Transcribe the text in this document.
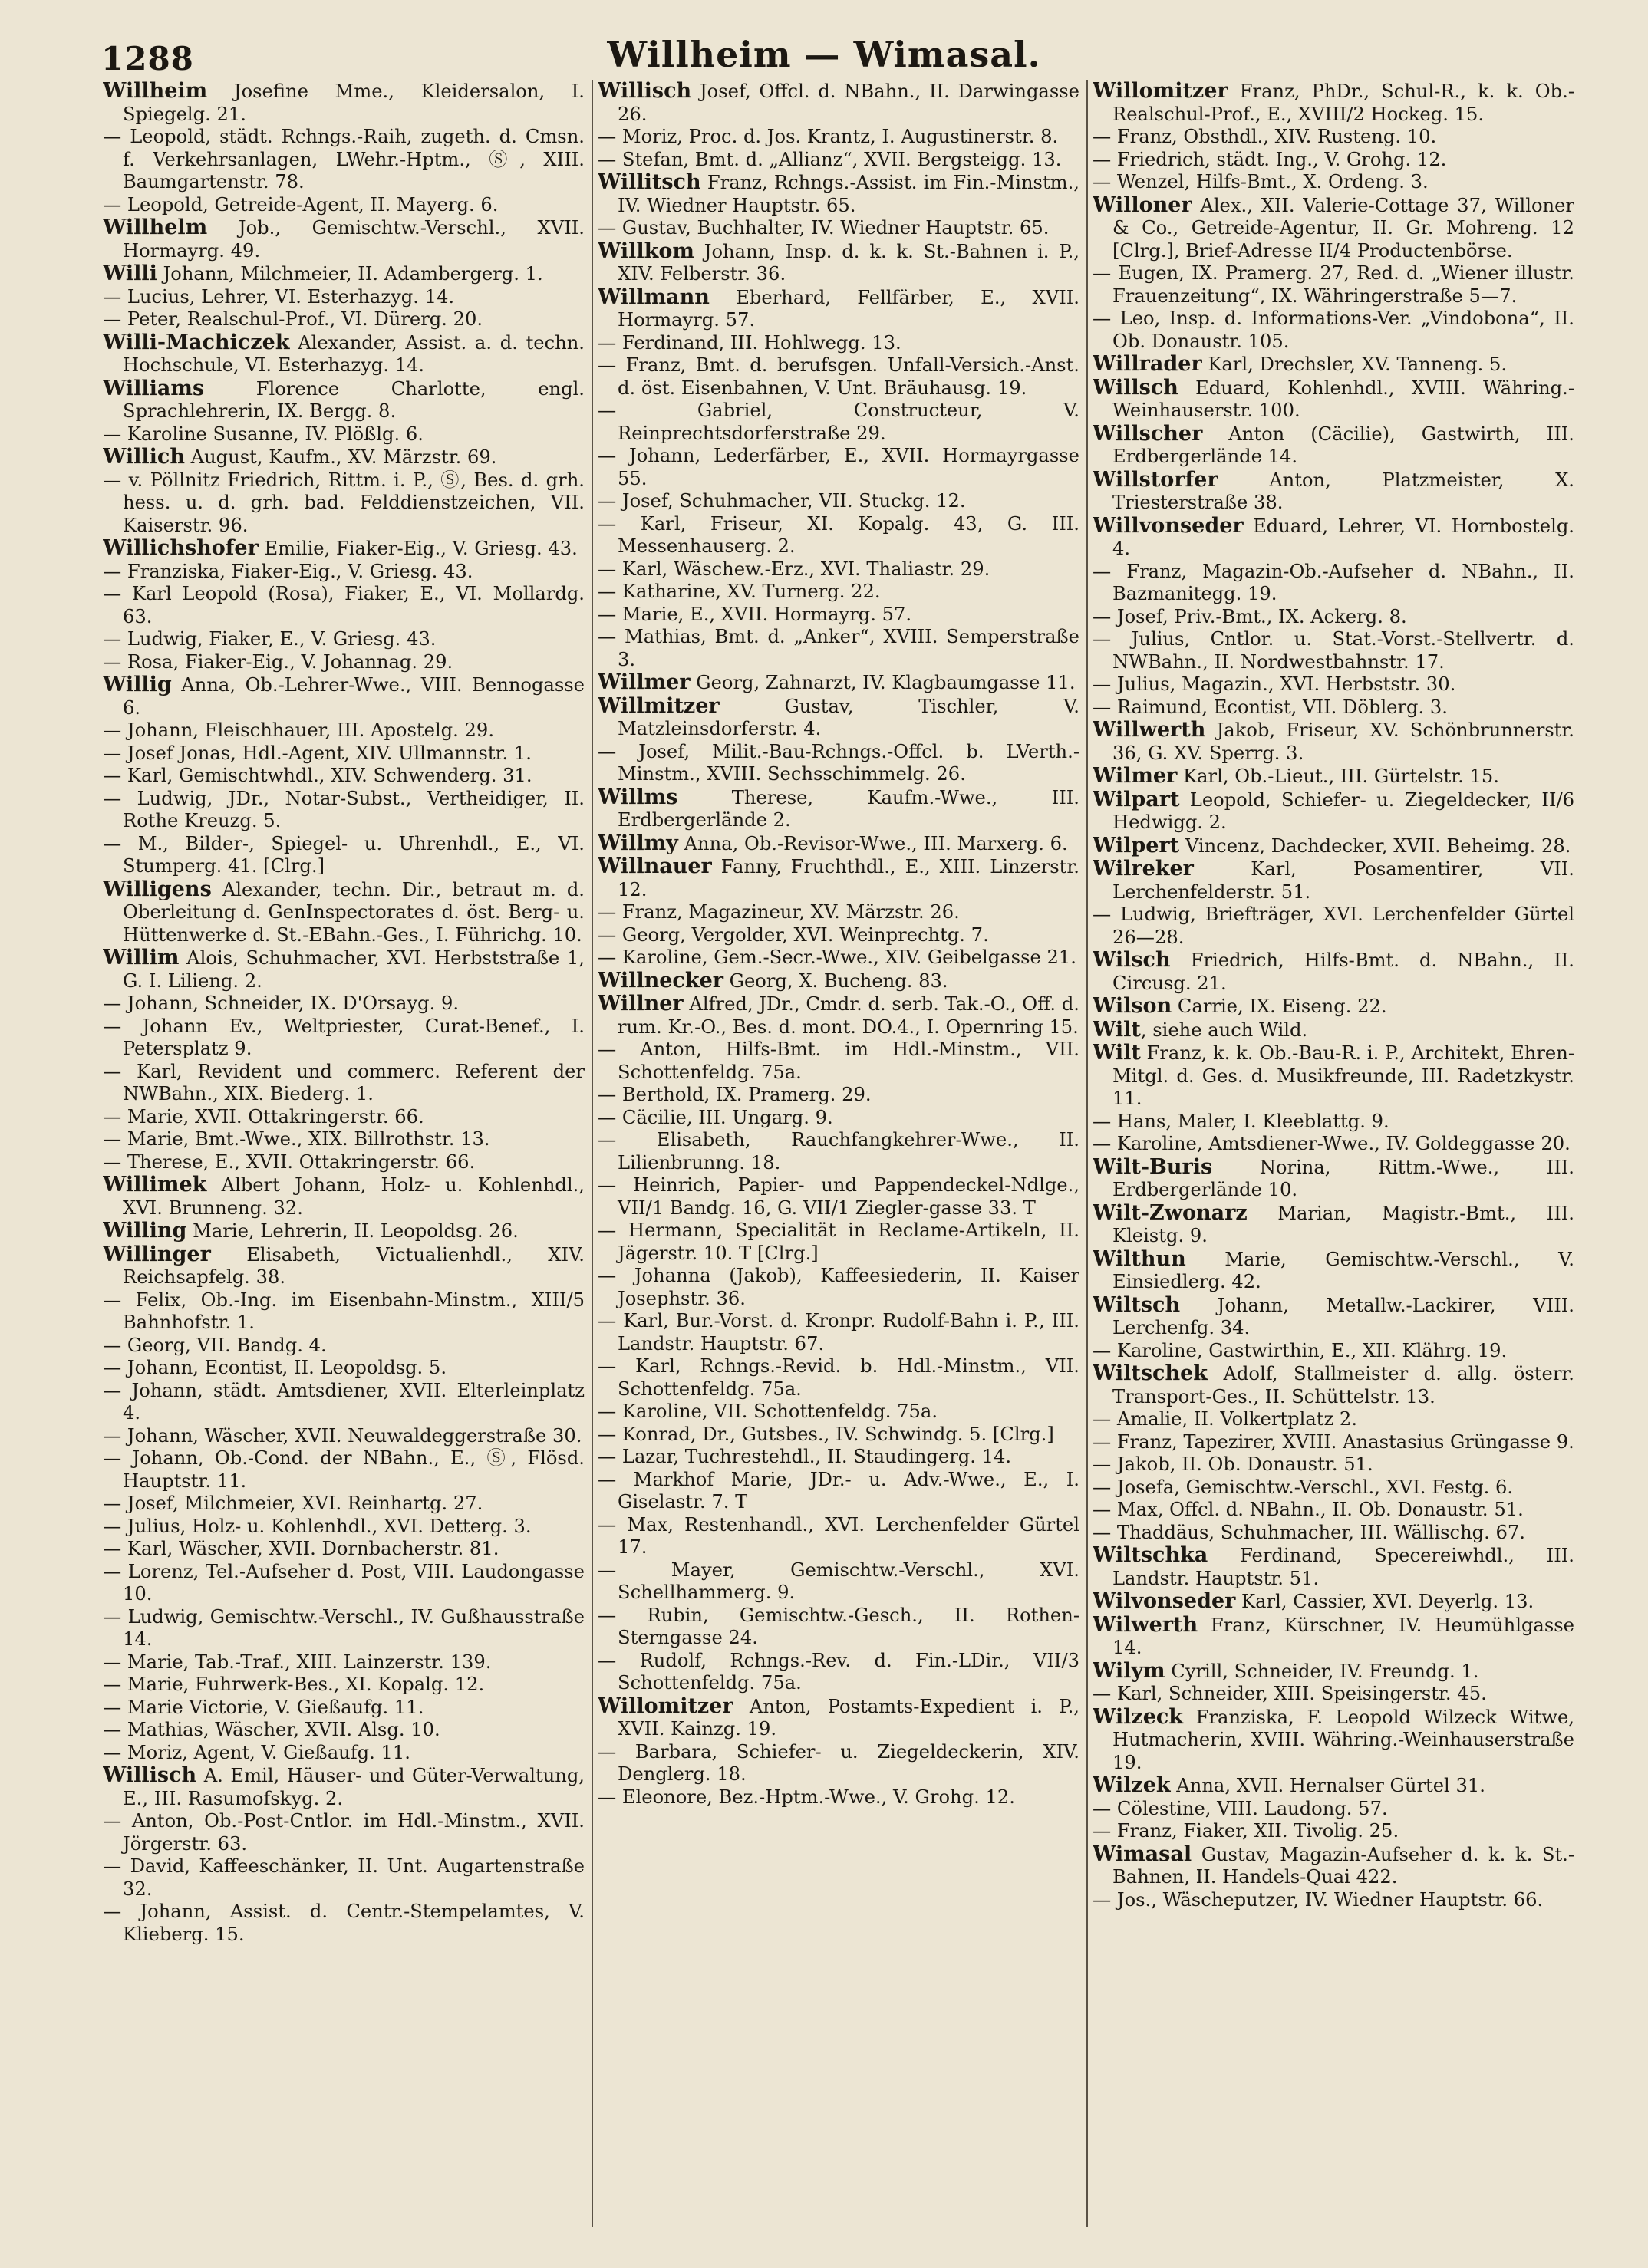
1288	Willheim — Wimasal.

Willheim Josefine Mme., Kleidersalon, I. Spiegelg. 21.

— Leopold, städt. Rchngs.-Raih, zugeth. d. Cmsn. f. Verkehrsanlagen, LWehr.-Hptm., Ⓢ, XIII. Baumgartenstr. 78.

— Leopold, Getreide-Agent, II. Mayerg. 6.

Willhelm Job., Gemischtw.-Verschl., XVII. Hormayrg. 49.

Willi Johann, Milchmeier, II. Adambergerg. 1.

— Lucius, Lehrer, VI. Esterhazyg. 14.

— Peter, Realschul-Prof., VI. Dürerg. 20.

Willi-Machiczek Alexander, Assist. a. d. techn. Hochschule, VI. Esterhazyg. 14.

Williams Florence Charlotte, engl. Sprachlehrerin, IX. Bergg. 8.

— Karoline Susanne, IV. Plößlg. 6.

Willich August, Kaufm., XV. Märzstr. 69.

— v. Pöllnitz Friedrich, Rittm. i. P., Ⓢ, Bes. d. grh. hess. u. d. grh. bad. Felddienstzeichen, VII. Kaiserstr. 96.

Willichshofer Emilie, Fiaker-Eig., V. Griesg. 43.

— Franziska, Fiaker-Eig., V. Griesg. 43.

— Karl Leopold (Rosa), Fiaker, E., VI. Mollardg. 63.

— Ludwig, Fiaker, E., V. Griesg. 43.

— Rosa, Fiaker-Eig., V. Johannag. 29.

Willig Anna, Ob.-Lehrer-Wwe., VIII. Bennogasse 6.

— Johann, Fleischhauer, III. Apostelg. 29.

— Josef Jonas, Hdl.-Agent, XIV. Ullmannstr. 1.

— Karl, Gemischtwhdl., XIV. Schwenderg. 31.

— Ludwig, JDr., Notar-Subst., Vertheidiger, II. Rothe Kreuzg. 5.

— M., Bilder-, Spiegel- u. Uhrenhdl., E., VI. Stumperg. 41. [Clrg.]

Willigens Alexander, techn. Dir., betraut m. d. Oberleitung d. GenInspectorates d. öst. Berg- u. Hüttenwerke d. St.-EBahn.-Ges., I. Führichg. 10.

Willim Alois, Schuhmacher, XVI. Herbststraße 1, G. I. Lilieng. 2.

— Johann, Schneider, IX. D'Orsayg. 9.

— Johann Ev., Weltpriester, Curat-Benef., I. Petersplatz 9.

— Karl, Revident und commerc. Referent der NWBahn., XIX. Biederg. 1.

— Marie, XVII. Ottakringerstr. 66.

— Marie, Bmt.-Wwe., XIX. Billrothstr. 13.

— Therese, E., XVII. Ottakringerstr. 66.

Willimek Albert Johann, Holz- u. Kohlenhdl., XVI. Brunneng. 32.

Willing Marie, Lehrerin, II. Leopoldsg. 26.

Willinger Elisabeth, Victualienhdl., XIV. Reichsapfelg. 38.

— Felix, Ob.-Ing. im Eisenbahn-Minstm., XIII/5 Bahnhofstr. 1.

— Georg, VII. Bandg. 4.

— Johann, Econtist, II. Leopoldsg. 5.

— Johann, städt. Amtsdiener, XVII. Elterleinplatz 4.

— Johann, Wäscher, XVII. Neuwaldeggerstraße 30.

— Johann, Ob.-Cond. der NBahn., E., Ⓢ, Flösd. Hauptstr. 11.

— Josef, Milchmeier, XVI. Reinhartg. 27.

— Julius, Holz- u. Kohlenhdl., XVI. Detterg. 3.

— Karl, Wäscher, XVII. Dornbacherstr. 81.

— Lorenz, Tel.-Aufseher d. Post, VIII. Laudongasse 10.

— Ludwig, Gemischtw.-Verschl., IV. Gußhausstraße 14.

— Marie, Tab.-Traf., XIII. Lainzerstr. 139.

— Marie, Fuhrwerk-Bes., XI. Kopalg. 12.

— Marie Victorie, V. Gießaufg. 11.

— Mathias, Wäscher, XVII. Alsg. 10.

— Moriz, Agent, V. Gießaufg. 11.

Willisch A. Emil, Häuser- und Güter-Verwaltung, E., III. Rasumofskyg. 2.

— Anton, Ob.-Post-Cntlor. im Hdl.-Minstm., XVII. Jörgerstr. 63.

— David, Kaffeeschänker, II. Unt. Augartenstraße 32.

— Johann, Assist. d. Centr.-Stempelamtes, V. Klieberg. 15.

Willisch Josef, Offcl. d. NBahn., II. Darwingasse 26.

— Moriz, Proc. d. Jos. Krantz, I. Augustinerstr. 8.

— Stefan, Bmt. d. „Allianz“, XVII. Bergsteigg. 13.

Willitsch Franz, Rchngs.-Assist. im Fin.-Minstm., IV. Wiedner Hauptstr. 65.

— Gustav, Buchhalter, IV. Wiedner Hauptstr. 65.

Willkom Johann, Insp. d. k. k. St.-Bahnen i. P., XIV. Felberstr. 36.

Willmann Eberhard, Fellfärber, E., XVII. Hormayrg. 57.

— Ferdinand, III. Hohlwegg. 13.

— Franz, Bmt. d. berufsgen. Unfall-Versich.-Anst. d. öst. Eisenbahnen, V. Unt. Bräuhausg. 19.

— Gabriel, Constructeur, V. Reinprechtsdorferstraße 29.

— Johann, Lederfärber, E., XVII. Hormayrgasse 55.

— Josef, Schuhmacher, VII. Stuckg. 12.

— Karl, Friseur, XI. Kopalg. 43, G. III. Messenhauserg. 2.

— Karl, Wäschew.-Erz., XVI. Thaliastr. 29.

— Katharine, XV. Turnerg. 22.

— Marie, E., XVII. Hormayrg. 57.

— Mathias, Bmt. d. „Anker“, XVIII. Semperstraße 3.

Willmer Georg, Zahnarzt, IV. Klagbaumgasse 11.

Willmitzer Gustav, Tischler, V. Matzleinsdorferstr. 4.

— Josef, Milit.-Bau-Rchngs.-Offcl. b. LVerth.-Minstm., XVIII. Sechsschimmelg. 26.

Willms Therese, Kaufm.-Wwe., III. Erdbergerlände 2.

Willmy Anna, Ob.-Revisor-Wwe., III. Marxerg. 6.

Willnauer Fanny, Fruchthdl., E., XIII. Linzerstr. 12.

— Franz, Magazineur, XV. Märzstr. 26.

— Georg, Vergolder, XVI. Weinprechtg. 7.

— Karoline, Gem.-Secr.-Wwe., XIV. Geibelgasse 21.

Willnecker Georg, X. Bucheng. 83.

Willner Alfred, JDr., Cmdr. d. serb. Tak.-O., Off. d. rum. Kr.-O., Bes. d. mont. DO.4., I. Opernring 15.

— Anton, Hilfs-Bmt. im Hdl.-Minstm., VII. Schottenfeldg. 75a.

— Berthold, IX. Pramerg. 29.

— Cäcilie, III. Ungarg. 9.

— Elisabeth, Rauchfangkehrer-Wwe., II. Lilienbrunng. 18.

— Heinrich, Papier- und Pappendeckel-Ndlge., VII/1 Bandg. 16, G. VII/1 Ziegler-gasse 33. T

— Hermann, Specialität in Reclame-Artikeln, II. Jägerstr. 10. T [Clrg.]

— Johanna (Jakob), Kaffeesiederin, II. Kaiser Josephstr. 36.

— Karl, Bur.-Vorst. d. Kronpr. Rudolf-Bahn i. P., III. Landstr. Hauptstr. 67.

— Karl, Rchngs.-Revid. b. Hdl.-Minstm., VII. Schottenfeldg. 75a.

— Karoline, VII. Schottenfeldg. 75a.

— Konrad, Dr., Gutsbes., IV. Schwindg. 5. [Clrg.]

— Lazar, Tuchrestehdl., II. Staudingerg. 14.

— Markhof Marie, JDr.- u. Adv.-Wwe., E., I. Giselastr. 7. T

— Max, Restenhandl., XVI. Lerchenfelder Gürtel 17.

— Mayer, Gemischtw.-Verschl., XVI. Schellhammerg. 9.

— Rubin, Gemischtw.-Gesch., II. Rothen-Sterngasse 24.

— Rudolf, Rchngs.-Rev. d. Fin.-LDir., VII/3 Schottenfeldg. 75a.

Willomitzer Anton, Postamts-Expedient i. P., XVII. Kainzg. 19.

— Barbara, Schiefer- u. Ziegeldeckerin, XIV. Denglerg. 18.

— Eleonore, Bez.-Hptm.-Wwe., V. Grohg. 12.

Willomitzer Franz, PhDr., Schul-R., k. k. Ob.-Realschul-Prof., E., XVIII/2 Hockeg. 15.

— Franz, Obsthdl., XIV. Rusteng. 10.

— Friedrich, städt. Ing., V. Grohg. 12.

— Wenzel, Hilfs-Bmt., X. Ordeng. 3.

Willoner Alex., XII. Valerie-Cottage 37, Willoner & Co., Getreide-Agentur, II. Gr. Mohreng. 12 [Clrg.], Brief-Adresse II/4 Productenbörse.

— Eugen, IX. Pramerg. 27, Red. d. „Wiener illustr. Frauenzeitung“, IX. Währingerstraße 5—7.

— Leo, Insp. d. Informations-Ver. „Vindobona“, II. Ob. Donaustr. 105.

Willrader Karl, Drechsler, XV. Tanneng. 5.

Willsch Eduard, Kohlenhdl., XVIII. Währing.-Weinhauserstr. 100.

Willscher Anton (Cäcilie), Gastwirth, III. Erdbergerlände 14.

Willstorfer Anton, Platzmeister, X. Triesterstraße 38.

Willvonseder Eduard, Lehrer, VI. Hornbostelg. 4.

— Franz, Magazin-Ob.-Aufseher d. NBahn., II. Bazmanitegg. 19.

— Josef, Priv.-Bmt., IX. Ackerg. 8.

— Julius, Cntlor. u. Stat.-Vorst.-Stellvertr. d. NWBahn., II. Nordwestbahnstr. 17.

— Julius, Magazin., XVI. Herbststr. 30.

— Raimund, Econtist, VII. Döblerg. 3.

Willwerth Jakob, Friseur, XV. Schönbrunnerstr. 36, G. XV. Sperrg. 3.

Wilmer Karl, Ob.-Lieut., III. Gürtelstr. 15.

Wilpart Leopold, Schiefer- u. Ziegeldecker, II/6 Hedwigg. 2.

Wilpert Vincenz, Dachdecker, XVII. Beheimg. 28.

Wilreker Karl, Posamentirer, VII. Lerchenfelderstr. 51.

— Ludwig, Briefträger, XVI. Lerchenfelder Gürtel 26—28.

Wilsch Friedrich, Hilfs-Bmt. d. NBahn., II. Circusg. 21.

Wilson Carrie, IX. Eiseng. 22.

Wilt, siehe auch Wild.

Wilt Franz, k. k. Ob.-Bau-R. i. P., Architekt, Ehren-Mitgl. d. Ges. d. Musikfreunde, III. Radetzkystr. 11.

— Hans, Maler, I. Kleeblattg. 9.

— Karoline, Amtsdiener-Wwe., IV. Goldeggasse 20.

Wilt-Buris Norina, Rittm.-Wwe., III. Erdbergerlände 10.

Wilt-Zwonarz Marian, Magistr.-Bmt., III. Kleistg. 9.

Wilthun Marie, Gemischtw.-Verschl., V. Einsiedlerg. 42.

Wiltsch Johann, Metallw.-Lackirer, VIII. Lerchenfg. 34.

— Karoline, Gastwirthin, E., XII. Klährg. 19.

Wiltschek Adolf, Stallmeister d. allg. österr. Transport-Ges., II. Schüttelstr. 13.

— Amalie, II. Volkertplatz 2.

— Franz, Tapezirer, XVIII. Anastasius Grüngasse 9.

— Jakob, II. Ob. Donaustr. 51.

— Josefa, Gemischtw.-Verschl., XVI. Festg. 6.

— Max, Offcl. d. NBahn., II. Ob. Donaustr. 51.

— Thaddäus, Schuhmacher, III. Wällischg. 67.

Wiltschka Ferdinand, Specereiwhdl., III. Landstr. Hauptstr. 51.

Wilvonseder Karl, Cassier, XVI. Deyerlg. 13.

Wilwerth Franz, Kürschner, IV. Heumühlgasse 14.

Wilym Cyrill, Schneider, IV. Freundg. 1.

— Karl, Schneider, XIII. Speisingerstr. 45.

Wilzeck Franziska, F. Leopold Wilzeck Witwe, Hutmacherin, XVIII. Währing.-Weinhauserstraße 19.

Wilzek Anna, XVII. Hernalser Gürtel 31.

— Cölestine, VIII. Laudong. 57.

— Franz, Fiaker, XII. Tivolig. 25.

Wimasal Gustav, Magazin-Aufseher d. k. k. St.-Bahnen, II. Handels-Quai 422.

— Jos., Wäscheputzer, IV. Wiedner Hauptstr. 66.
